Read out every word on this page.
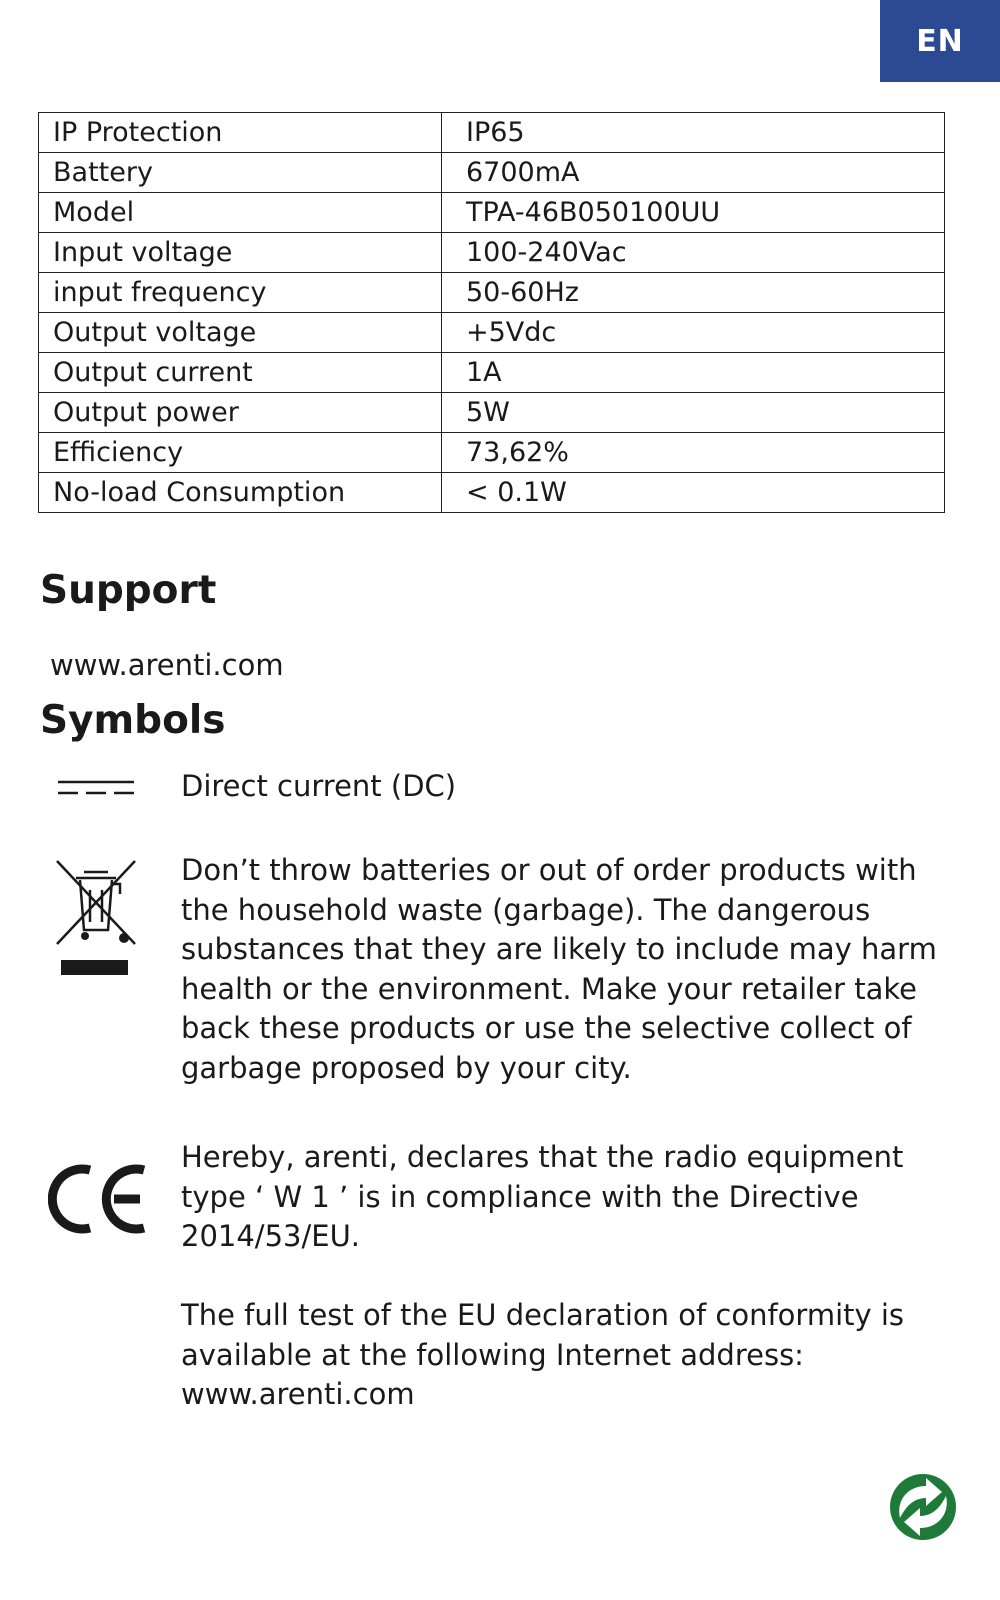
EN
IP Protection	IP65
Battery	6700mA
Model	TPA-46B050100UU
Input voltage	100-240Vac
input frequency	50-60Hz
Output voltage	+5Vdc
Output current	1A
Output power	5W
Efficiency	73,62%
No-load Consumption	< 0.1W
Support

www.arenti.com

Symbols

Direct current (DC)

Don’t throw batteries or out of order products with
the household waste (garbage). The dangerous
substances that they are likely to include may harm
health or the environment. Make your retailer take
back these products or use the selective collect of
garbage proposed by your city.
Hereby, arenti, declares that the radio equipment
type ‘ W 1 ’ is in compliance with the Directive
2014/53/EU.
The full test of the EU declaration of conformity is
available at the following Internet address:
www.arenti.com
